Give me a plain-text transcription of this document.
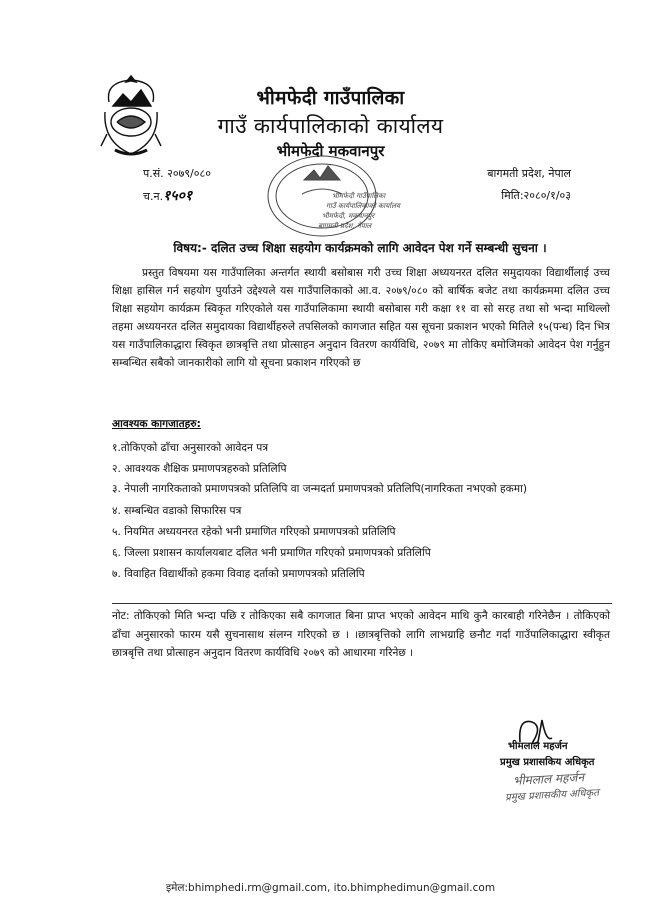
भीमफेदी गाउँपालिका
गाउँ कार्यपालिकाको कार्यालय
भीमफेदी मकवानपुर
प.सं. २०७९/०८०
च.न.१५०१
बागमती प्रदेश, नेपाल
मिति:२०८०/१/०३
भीमफेदी गाउँपालिका
गाउँ कार्यपालिकाको कार्यालय
भीमफेदी, मकवानपुर
बागमती प्रदेश, नेपाल
विषय:- दलित उच्च शिक्षा सहयोग कार्यक्रमको लागि आवेदन पेश गर्ने सम्बन्धी सुचना ।
प्रस्तुत विषयमा यस गाउँपालिका अन्तर्गत स्थायी बसोबास गरी उच्च शिक्षा अध्ययनरत दलित समुदायका विद्यार्थीलाई उच्च शिक्षा हासिल गर्न सहयोग पुर्याउने उद्देश्यले यस गाउँपालिकाको आ.व. २०७९/०८० को बार्षिक बजेट तथा कार्यक्रममा दलित उच्च शिक्षा सहयोग कार्यक्रम स्विकृत गरिएकोले यस गाउँपालिकामा स्थायी बसोबास गरी कक्षा ११ वा सो सरह तथा सो भन्दा माथिल्लो तहमा अध्ययनरत दलित समुदायका विद्यार्थीहरुले तपसिलको कागजात सहित यस सूचना प्रकाशन भएको मितिले १५(पन्ध) दिन भित्र यस गाउँपालिकाद्धारा स्विकृत छात्रबृत्ति तथा प्रोत्साहन अनुदान वितरण कार्यविधि, २०७९ मा तोकिए बमोजिमको आवेदन पेश गर्नुहुन सम्बन्धित सबैको जानकारीको लागि यो सूचना प्रकाशन गरिएको छ
आवश्यक कागजातहरु:
१.तोकिएको ढाँचा अनुसारको आवेदन पत्र
२. आवश्यक शैक्षिक प्रमाणपत्रहरुको प्रतिलिपि
३. नेपाली नागरिकताको प्रमाणपत्रको प्रतिलिपि वा जन्मदर्ता प्रमाणपत्रको प्रतिलिपि(नागरिकता नभएको हकमा)
४. सम्बन्धित वडाको सिफारिस पत्र
५. नियमित अध्ययनरत रहेको भनी प्रमाणित गरिएको प्रमाणपत्रको प्रतिलिपि
६. जिल्ला प्रशासन कार्यालयबाट दलित भनी प्रमाणित गरिएको प्रमाणपत्रको प्रतिलिपि
७. विवाहित विद्यार्थीको हकमा विवाह दर्ताको प्रमाणपत्रको प्रतिलिपि
नोट: तोकिएको मिति भन्दा पछि र तोकिएका सबै कागजात बिना प्राप्त भएको आवेदन माथि कुनै कारबाही गरिनेछैन । तोकिएको ढाँचा अनुसारको फारम यसै सुचनासाथ संलग्न गरिएको छ । ।छात्रबृत्तिको लागि लाभग्राहि छनौट गर्दा गाउँपालिकाद्धारा स्वीकृत छात्रबृत्ति तथा प्रोत्साहन अनुदान वितरण कार्यविधि २०७९ को आधारमा गरिनेछ ।
भीमलाल महर्जन
प्रमुख प्रशासकिय अधिकृत
भीमलाल महर्जन
प्रमुख प्रशासकीय अधिकृत
इमेल:bhimphedi.rm@gmail.com, ito.bhimphedimun@gmail.com
